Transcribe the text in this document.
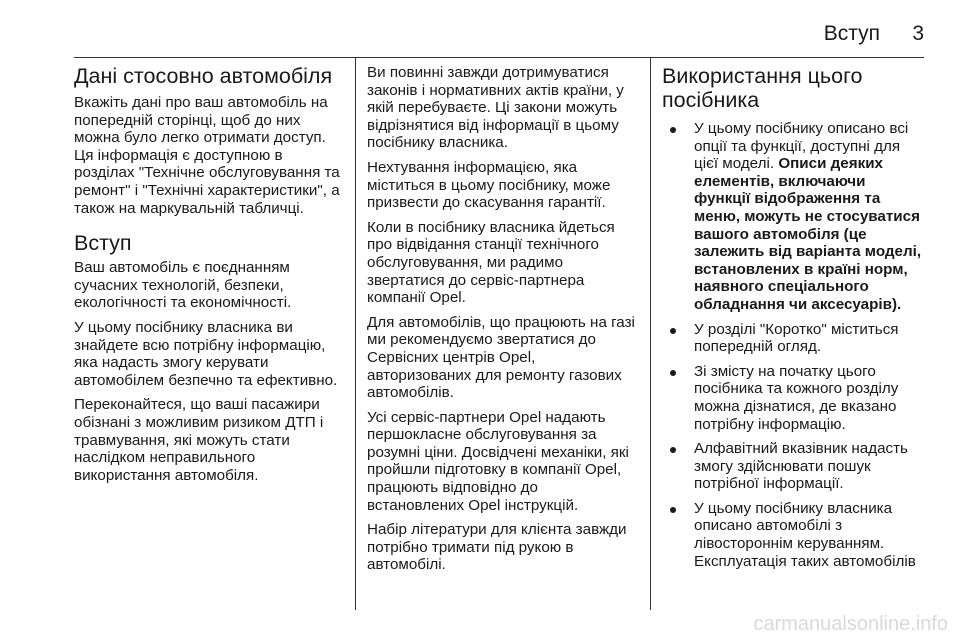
Вступ 3
Дані стосовно автомобіля

Вкажіть дані про ваш автомобіль на попередній сторінці, щоб до них можна було легко отримати доступ. Ця інформація є доступною в розділах "Технічне обслуговування та ремонт" і "Технічні характеристики", а також на маркувальній табличці.

Вступ

Ваш автомобіль є поєднанням сучасних технологій, безпеки, екологічності та економічності.

У цьому посібнику власника ви знайдете всю потрібну інформацію, яка надасть змогу керувати автомобілем безпечно та ефективно.

Переконайтеся, що ваші пасажири обізнані з можливим ризиком ДТП і травмування, які можуть стати наслідком неправильного використання автомобіля.

Ви повинні завжди дотримуватися законів і нормативних актів країни, у якій перебуваєте. Ці закони можуть відрізнятися від інформації в цьому посібнику власника.

Нехтування інформацією, яка міститься в цьому посібнику, може призвести до скасування гарантії.

Коли в посібнику власника йдеться про відвідання станції технічного обслуговування, ми радимо звертатися до сервіс-партнера компанії Opel.

Для автомобілів, що працюють на газі ми рекомендуємо звертатися до Сервісних центрів Opel, авторизованих для ремонту газових автомобілів.

Усі сервіс-партнери Opel надають першокласне обслуговування за розумні ціни. Досвідчені механіки, які пройшли підготовку в компанії Opel, працюють відповідно до встановлених Opel інструкцій.

Набір літератури для клієнта завжди потрібно тримати під рукою в автомобілі.

Використання цього посібника
У цьому посібнику описано всі опції та функції, доступні для цієї моделі. Описи деяких елементів, включаючи функції відображення та меню, можуть не стосуватися вашого автомобіля (це залежить від варіанта моделі, встановлених в країні норм, наявного спеціального обладнання чи аксесуарів).
У розділі "Коротко" міститься попередній огляд.
Зі змісту на початку цього посібника та кожного розділу можна дізнатися, де вказано потрібну інформацію.
Алфавітний вказівник надасть змогу здійснювати пошук потрібної інформації.
У цьому посібнику власника описано автомобілі з лівостороннім керуванням. Експлуатація таких автомобілів
carmanualsonline.info
